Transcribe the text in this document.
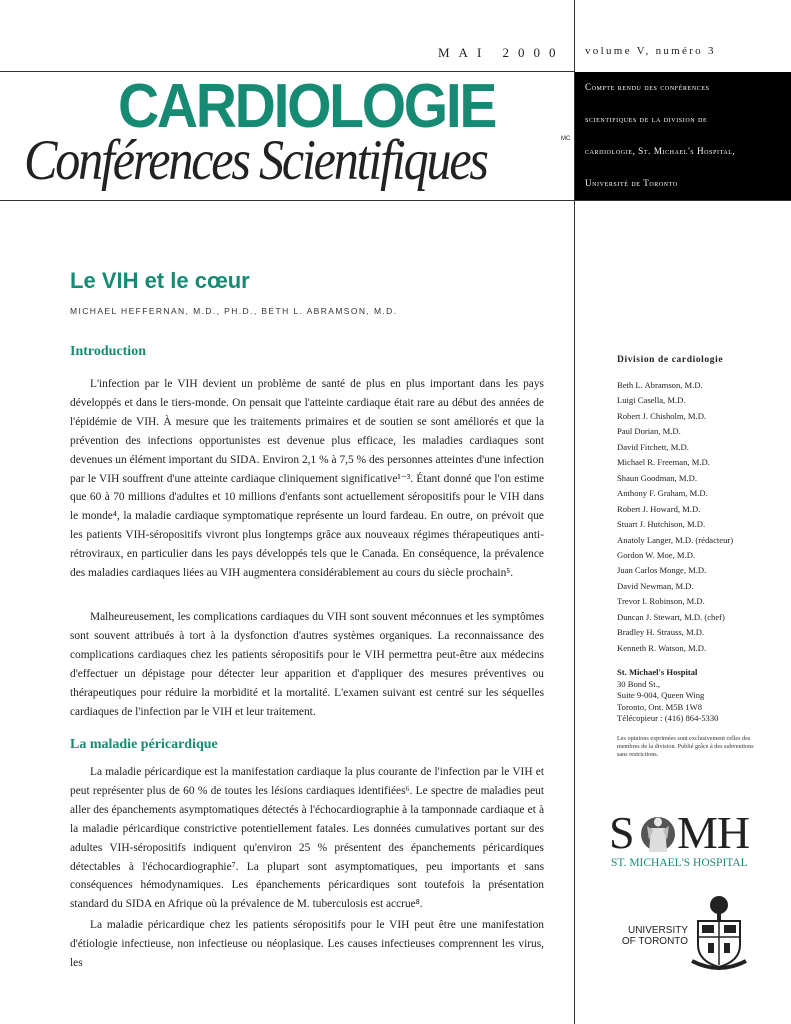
MAI 2000 volume V, numéro 3
CARDIOLOGIE
Conférences Scientifiques	MC
Compte rendu des conférences
scientifiques de la division de
cardiologie, St. Michael's Hospital,
Université de Toronto
Le VIH et le cœur
MICHAEL HEFFERNAN, M.D., PH.D., BETH L. ABRAMSON, M.D.
Introduction
L'infection par le VIH devient un problème de santé de plus en plus important dans les pays développés et dans le tiers-monde. On pensait que l'atteinte cardiaque était rare au début des années de l'épidémie de VIH. À mesure que les traitements primaires et de soutien se sont améliorés et que la prévention des infections opportunistes est devenue plus efficace, les maladies cardiaques sont devenues un élément important du SIDA. Environ 2,1 % à 7,5 % des personnes atteintes d'une infection par le VIH souffrent d'une atteinte cardiaque cliniquement significative¹⁻³. Étant donné que l'on estime que 60 à 70 millions d'adultes et 10 millions d'enfants sont actuellement séropositifs pour le VIH dans le monde⁴, la maladie cardiaque symptomatique représente un lourd fardeau. En outre, on prévoit que les patients VIH-séropositifs vivront plus longtemps grâce aux nouveaux régimes thérapeutiques anti-rétroviraux, en particulier dans les pays développés tels que le Canada. En conséquence, la prévalence des maladies cardiaques liées au VIH augmentera considérablement au cours du siècle prochain⁵.
Malheureusement, les complications cardiaques du VIH sont souvent méconnues et les symptômes sont souvent attribués à tort à la dysfonction d'autres systèmes organiques. La reconnaissance des complications cardiaques chez les patients séropositifs pour le VIH permettra peut-être aux médecins d'effectuer un dépistage pour détecter leur apparition et d'appliquer des mesures préventives ou thérapeutiques pour réduire la morbidité et la mortalité. L'examen suivant est centré sur les séquelles cardiaques de l'infection par le VIH et leur traitement.
La maladie péricardique
La maladie péricardique est la manifestation cardiaque la plus courante de l'infection par le VIH et peut représenter plus de 60 % de toutes les lésions cardiaques identifiées⁶. Le spectre de maladies peut aller des épanchements asymptomatiques détectés à l'échocardiographie à la tamponnade cardiaque et à la maladie péricardique constrictive potentiellement fatales. Les données cumulatives portant sur des adultes VIH-séropositifs indiquent qu'environ 25 % présentent des épanchements péricardiques détectables à l'échocardiographie⁷. La plupart sont asymptomatiques, peu importants et sans conséquences hémodynamiques. Les épanchements péricardiques sont toutefois la présentation standard du SIDA en Afrique où la prévalence de M. tuberculosis est accrue⁸.
La maladie péricardique chez les patients séropositifs pour le VIH peut être une manifestation d'étiologie infectieuse, non infectieuse ou néoplasique. Les causes infectieuses comprennent les virus, les
Division de cardiologie
Beth L. Abramson, M.D.
Luigi Casella, M.D.
Robert J. Chisholm, M.D.
Paul Dorian, M.D.
David Fitchett, M.D.
Michael R. Freeman, M.D.
Shaun Goodman, M.D.
Anthony F. Graham, M.D.
Robert J. Howard, M.D.
Stuart J. Hutchison, M.D.
Anatoly Langer, M.D. (rédacteur)
Gordon W. Moe, M.D.
Juan Carlos Monge, M.D.
David Newman, M.D.
Trevor I. Robinson, M.D.
Duncan J. Stewart, M.D. (chef)
Bradley H. Strauss, M.D.
Kenneth R. Watson, M.D.
St. Michael's Hospital
30 Bond St.,
Suite 9-004, Queen Wing
Toronto, Ont. M5B 1W8
Télécopieur : (416) 864-5330
Les opinions exprimées sont exclusivement celles des membres de la division. Publié grâce à des subventions sans restrictions.
S MH
ST. MICHAEL'S HOSPITAL
UNIVERSITY
OF TORONTO
